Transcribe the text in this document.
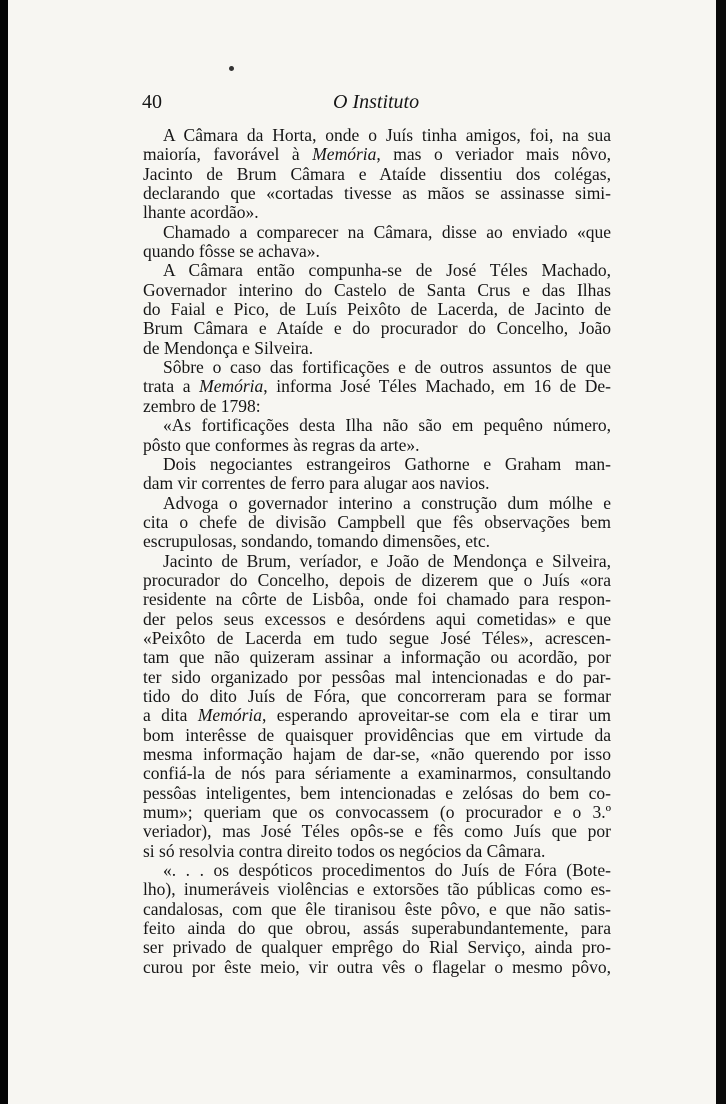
40	O Instituto
A Câmara da Horta, onde o Juís tinha amigos, foi, na sua
maioría, favorável à Memória, mas o veriador mais nôvo,
Jacinto de Brum Câmara e Ataíde dissentiu dos colégas,
declarando que «cortadas tivesse as mãos se assinasse simi-
lhante acordão».
Chamado a comparecer na Câmara, disse ao enviado «que
quando fôsse se achava».
A Câmara então compunha-se de José Téles Machado,
Governador interino do Castelo de Santa Crus e das Ilhas
do Faial e Pico, de Luís Peixôto de Lacerda, de Jacinto de
Brum Câmara e Ataíde e do procurador do Concelho, João
de Mendonça e Silveira.
Sôbre o caso das fortificações e de outros assuntos de que
trata a Memória, informa José Téles Machado, em 16 de De-
zembro de 1798:
«As fortificações desta Ilha não são em pequêno número,
pôsto que conformes às regras da arte».
Dois negociantes estrangeiros Gathorne e Graham man-
dam vir correntes de ferro para alugar aos navios.
Advoga o governador interino a construção dum mólhe e
cita o chefe de divisão Campbell que fês observações bem
escrupulosas, sondando, tomando dimensões, etc.
Jacinto de Brum, veríador, e João de Mendonça e Silveira,
procurador do Concelho, depois de dizerem que o Juís «ora
residente na côrte de Lisbôa, onde foi chamado para respon-
der pelos seus excessos e desórdens aqui cometidas» e que
«Peixôto de Lacerda em tudo segue José Téles», acrescen-
tam que não quizeram assinar a informação ou acordão, por
ter sido organizado por pessôas mal intencionadas e do par-
tido do dito Juís de Fóra, que concorreram para se formar
a dita Memória, esperando aproveitar-se com ela e tirar um
bom interêsse de quaisquer providências que em virtude da
mesma informação hajam de dar-se, «não querendo por isso
confiá-la de nós para sériamente a examinarmos, consultando
pessôas inteligentes, bem intencionadas e zelósas do bem co-
mum»; queriam que os convocassem (o procurador e o 3.º
veriador), mas José Téles opôs-se e fês como Juís que por
si só resolvia contra direito todos os negócios da Câmara.
«. . . os despóticos procedimentos do Juís de Fóra (Bote-
lho), inumeráveis violências e extorsões tão públicas como es-
candalosas, com que êle tiranisou êste pôvo, e que não satis-
feito ainda do que obrou, assás superabundantemente, para
ser privado de qualquer emprêgo do Rial Serviço, ainda pro-
curou por êste meio, vir outra vês o flagelar o mesmo pôvo,
